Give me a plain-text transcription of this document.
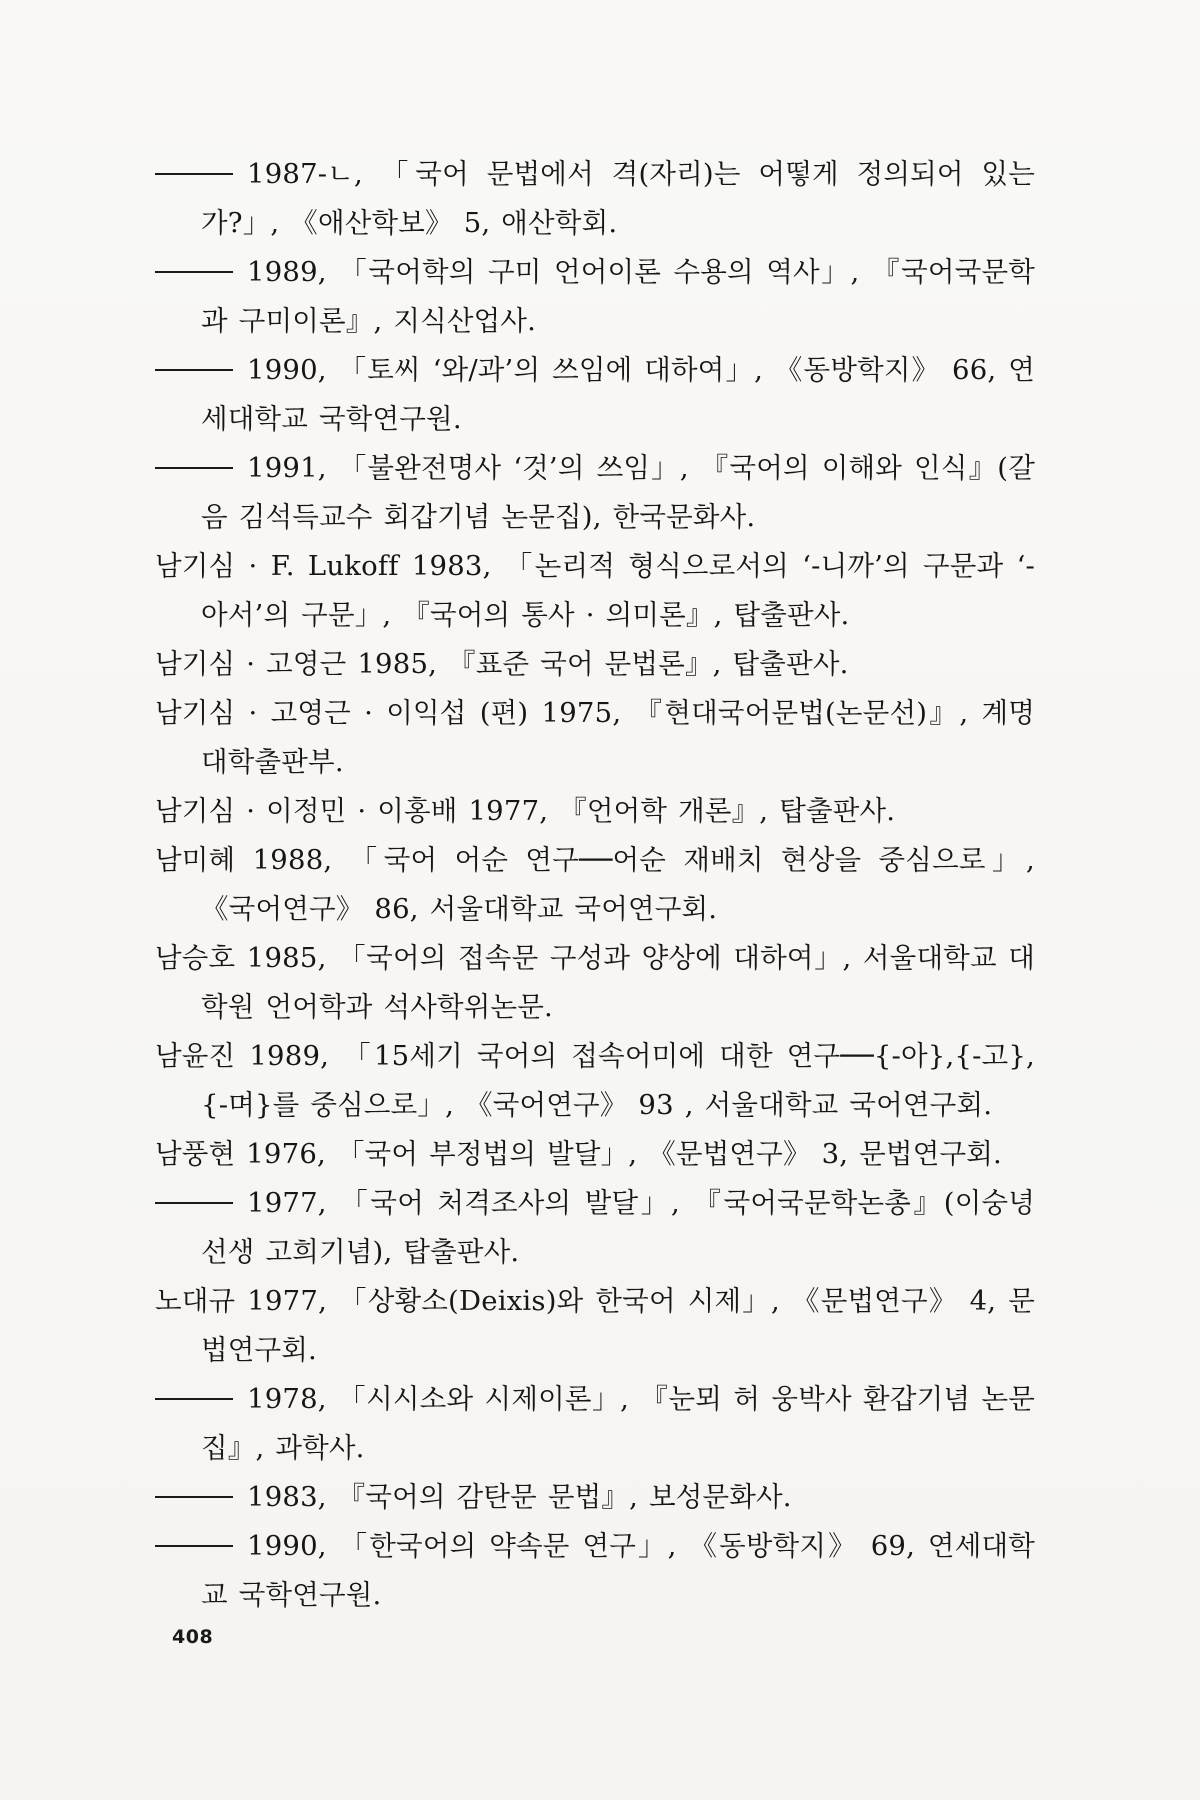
1987-ㄴ, 「국어 문법에서 격(자리)는 어떻게 정의되어 있는가?」, 《애산학보》 5, 애산학회.

1989, 「국어학의 구미 언어이론 수용의 역사」, 『국어국문학과 구미이론』, 지식산업사.

1990, 「토씨 ‘와/과’의 쓰임에 대하여」, 《동방학지》 66, 연세대학교 국학연구원.

1991, 「불완전명사 ‘것’의 쓰임」, 『국어의 이해와 인식』(갈음 김석득교수 회갑기념 논문집), 한국문화사.

남기심 · F. Lukoff 1983, 「논리적 형식으로서의 ‘-니까’의 구문과 ‘-아서’의 구문」, 『국어의 통사 · 의미론』, 탑출판사.

남기심 · 고영근 1985, 『표준 국어 문법론』, 탑출판사.

남기심 · 고영근 · 이익섭 (편) 1975, 『현대국어문법(논문선)』, 계명대학출판부.

남기심 · 이정민 · 이홍배 1977, 『언어학 개론』, 탑출판사.

남미혜 1988, 「국어 어순 연구──어순 재배치 현상을 중심으로」, 《국어연구》 86, 서울대학교 국어연구회.

남승호 1985, 「국어의 접속문 구성과 양상에 대하여」, 서울대학교 대학원 언어학과 석사학위논문.

남윤진 1989, 「15세기 국어의 접속어미에 대한 연구──{-아},{-고},{-며}를 중심으로」, 《국어연구》 93 , 서울대학교 국어연구회.

남풍현 1976, 「국어 부정법의 발달」, 《문법연구》 3, 문법연구회.

1977, 「국어 처격조사의 발달」, 『국어국문학논총』(이숭녕선생 고희기념), 탑출판사.

노대규 1977, 「상황소(Deixis)와 한국어 시제」, 《문법연구》 4, 문법연구회.

1978, 「시시소와 시제이론」, 『눈뫼 허 웅박사 환갑기념 논문집』, 과학사.

1983, 『국어의 감탄문 문법』, 보성문화사.

1990, 「한국어의 약속문 연구」, 《동방학지》 69, 연세대학교 국학연구원.

408
